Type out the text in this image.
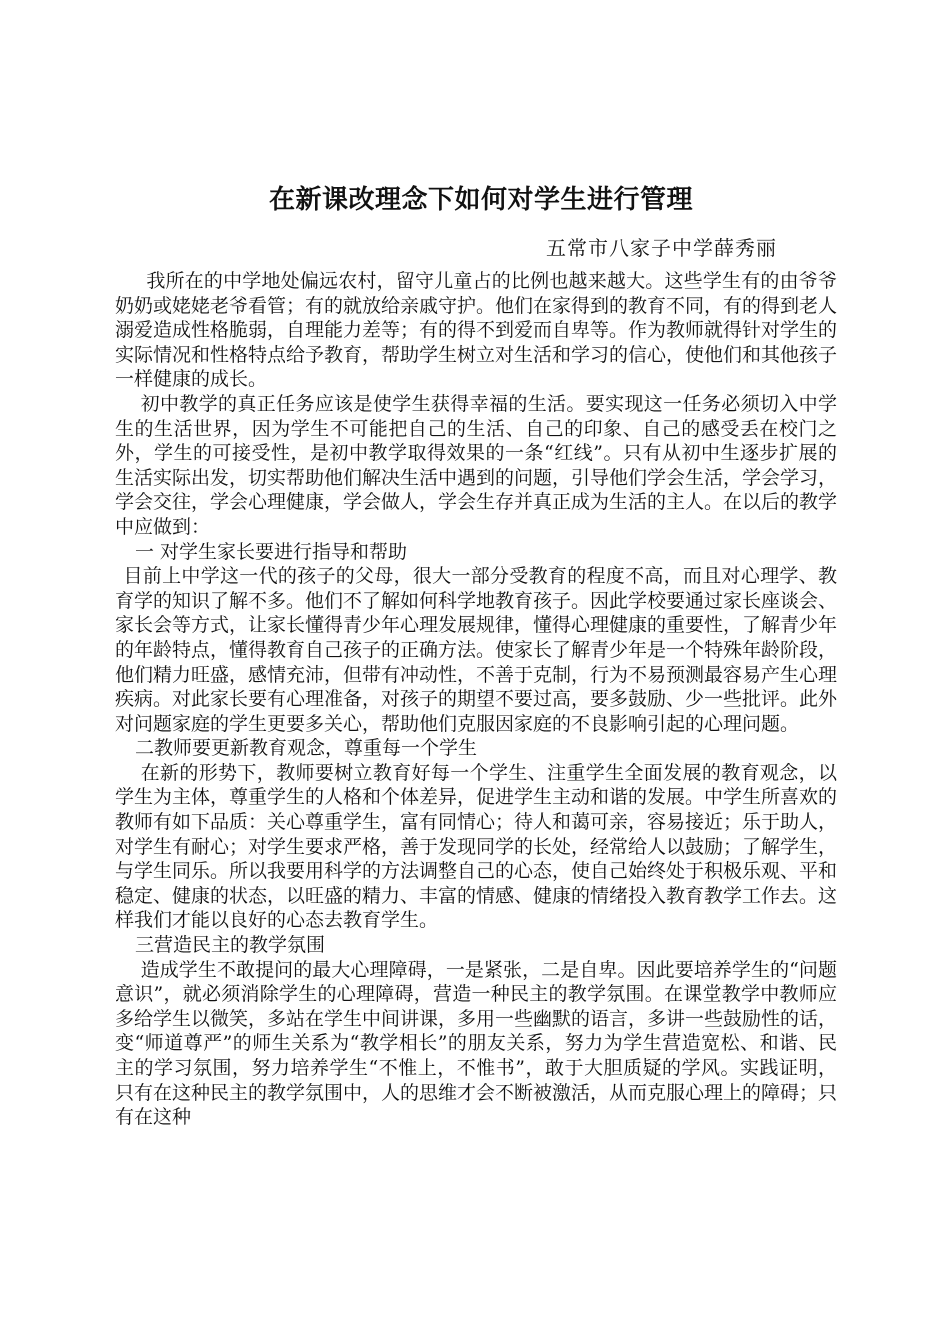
在新课改理念下如何对学生进行管理
五常市八家子中学薛秀丽

我所在的中学地处偏远农村，留守儿童占的比例也越来越大。这些学生有的由爷爷奶奶或姥姥老爷看管；有的就放给亲戚守护。他们在家得到的教育不同，有的得到老人溺爱造成性格脆弱，自理能力差等；有的得不到爱而自卑等。作为教师就得针对学生的实际情况和性格特点给予教育，帮助学生树立对生活和学习的信心，使他们和其他孩子一样健康的成长。

初中教学的真正任务应该是使学生获得幸福的生活。要实现这一任务必须切入中学生的生活世界，因为学生不可能把自己的生活、自己的印象、自己的感受丢在校门之外，学生的可接受性，是初中教学取得效果的一条“红线”。只有从初中生逐步扩展的生活实际出发，切实帮助他们解决生活中遇到的问题，引导他们学会生活，学会学习，学会交往，学会心理健康，学会做人，学会生存并真正成为生活的主人。在以后的教学中应做到：

一 对学生家长要进行指导和帮助

目前上中学这一代的孩子的父母，很大一部分受教育的程度不高，而且对心理学、教育学的知识了解不多。他们不了解如何科学地教育孩子。因此学校要通过家长座谈会、家长会等方式，让家长懂得青少年心理发展规律，懂得心理健康的重要性，了解青少年的年龄特点，懂得教育自己孩子的正确方法。使家长了解青少年是一个特殊年龄阶段，他们精力旺盛，感情充沛，但带有冲动性，不善于克制，行为不易预测最容易产生心理疾病。对此家长要有心理准备，对孩子的期望不要过高，要多鼓励、少一些批评。此外对问题家庭的学生更要多关心，帮助他们克服因家庭的不良影响引起的心理问题。

二教师要更新教育观念，尊重每一个学生

在新的形势下，教师要树立教育好每一个学生、注重学生全面发展的教育观念，以学生为主体，尊重学生的人格和个体差异，促进学生主动和谐的发展。中学生所喜欢的教师有如下品质：关心尊重学生，富有同情心；待人和蔼可亲，容易接近；乐于助人，对学生有耐心；对学生要求严格，善于发现同学的长处，经常给人以鼓励；了解学生，与学生同乐。所以我要用科学的方法调整自己的心态，使自己始终处于积极乐观、平和稳定、健康的状态，以旺盛的精力、丰富的情感、健康的情绪投入教育教学工作去。这样我们才能以良好的心态去教育学生。

三营造民主的教学氛围

造成学生不敢提问的最大心理障碍，一是紧张，二是自卑。因此要培养学生的“问题意识”，就必须消除学生的心理障碍，营造一种民主的教学氛围。在课堂教学中教师应多给学生以微笑，多站在学生中间讲课，多用一些幽默的语言，多讲一些鼓励性的话，变“师道尊严”的师生关系为“教学相长”的朋友关系，努力为学生营造宽松、和谐、民主的学习氛围，努力培养学生“不惟上，不惟书”，敢于大胆质疑的学风。实践证明，只有在这种民主的教学氛围中，人的思维才会不断被激活，从而克服心理上的障碍；只有在这种
